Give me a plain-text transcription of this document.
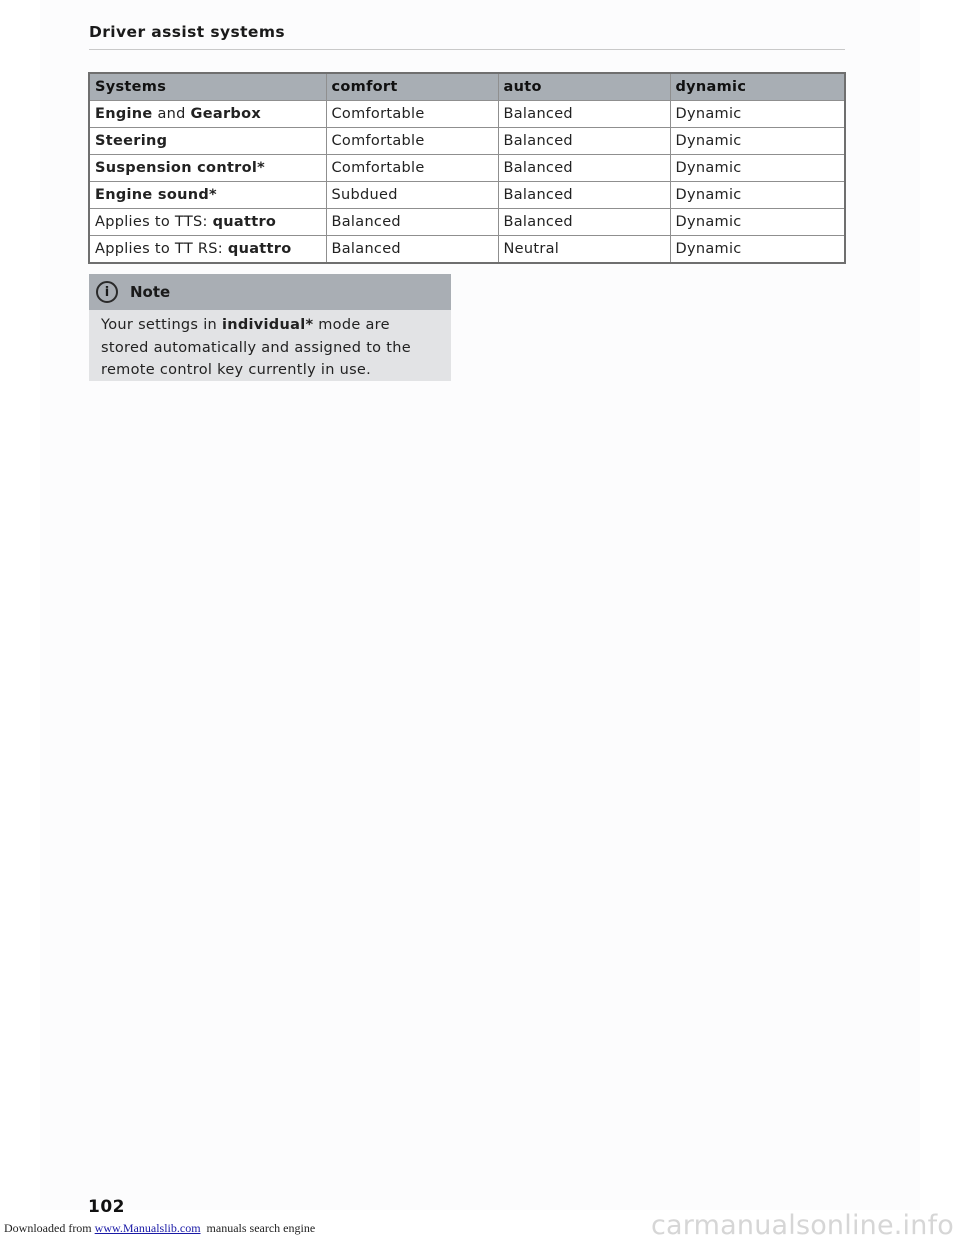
Driver assist systems
Systems	comfort	auto	dynamic
Engine and Gearbox	Comfortable	Balanced	Dynamic
Steering	Comfortable	Balanced	Dynamic
Suspension control*	Comfortable	Balanced	Dynamic
Engine sound*	Subdued	Balanced	Dynamic
Applies to TTS: quattro	Balanced	Balanced	Dynamic
Applies to TT RS: quattro	Balanced	Neutral	Dynamic
i	Note
Your settings in individual* mode are stored automatically and assigned to the remote control key currently in use.
102
Downloaded from www.Manualslib.com  manuals search engine	carmanualsonline.info
